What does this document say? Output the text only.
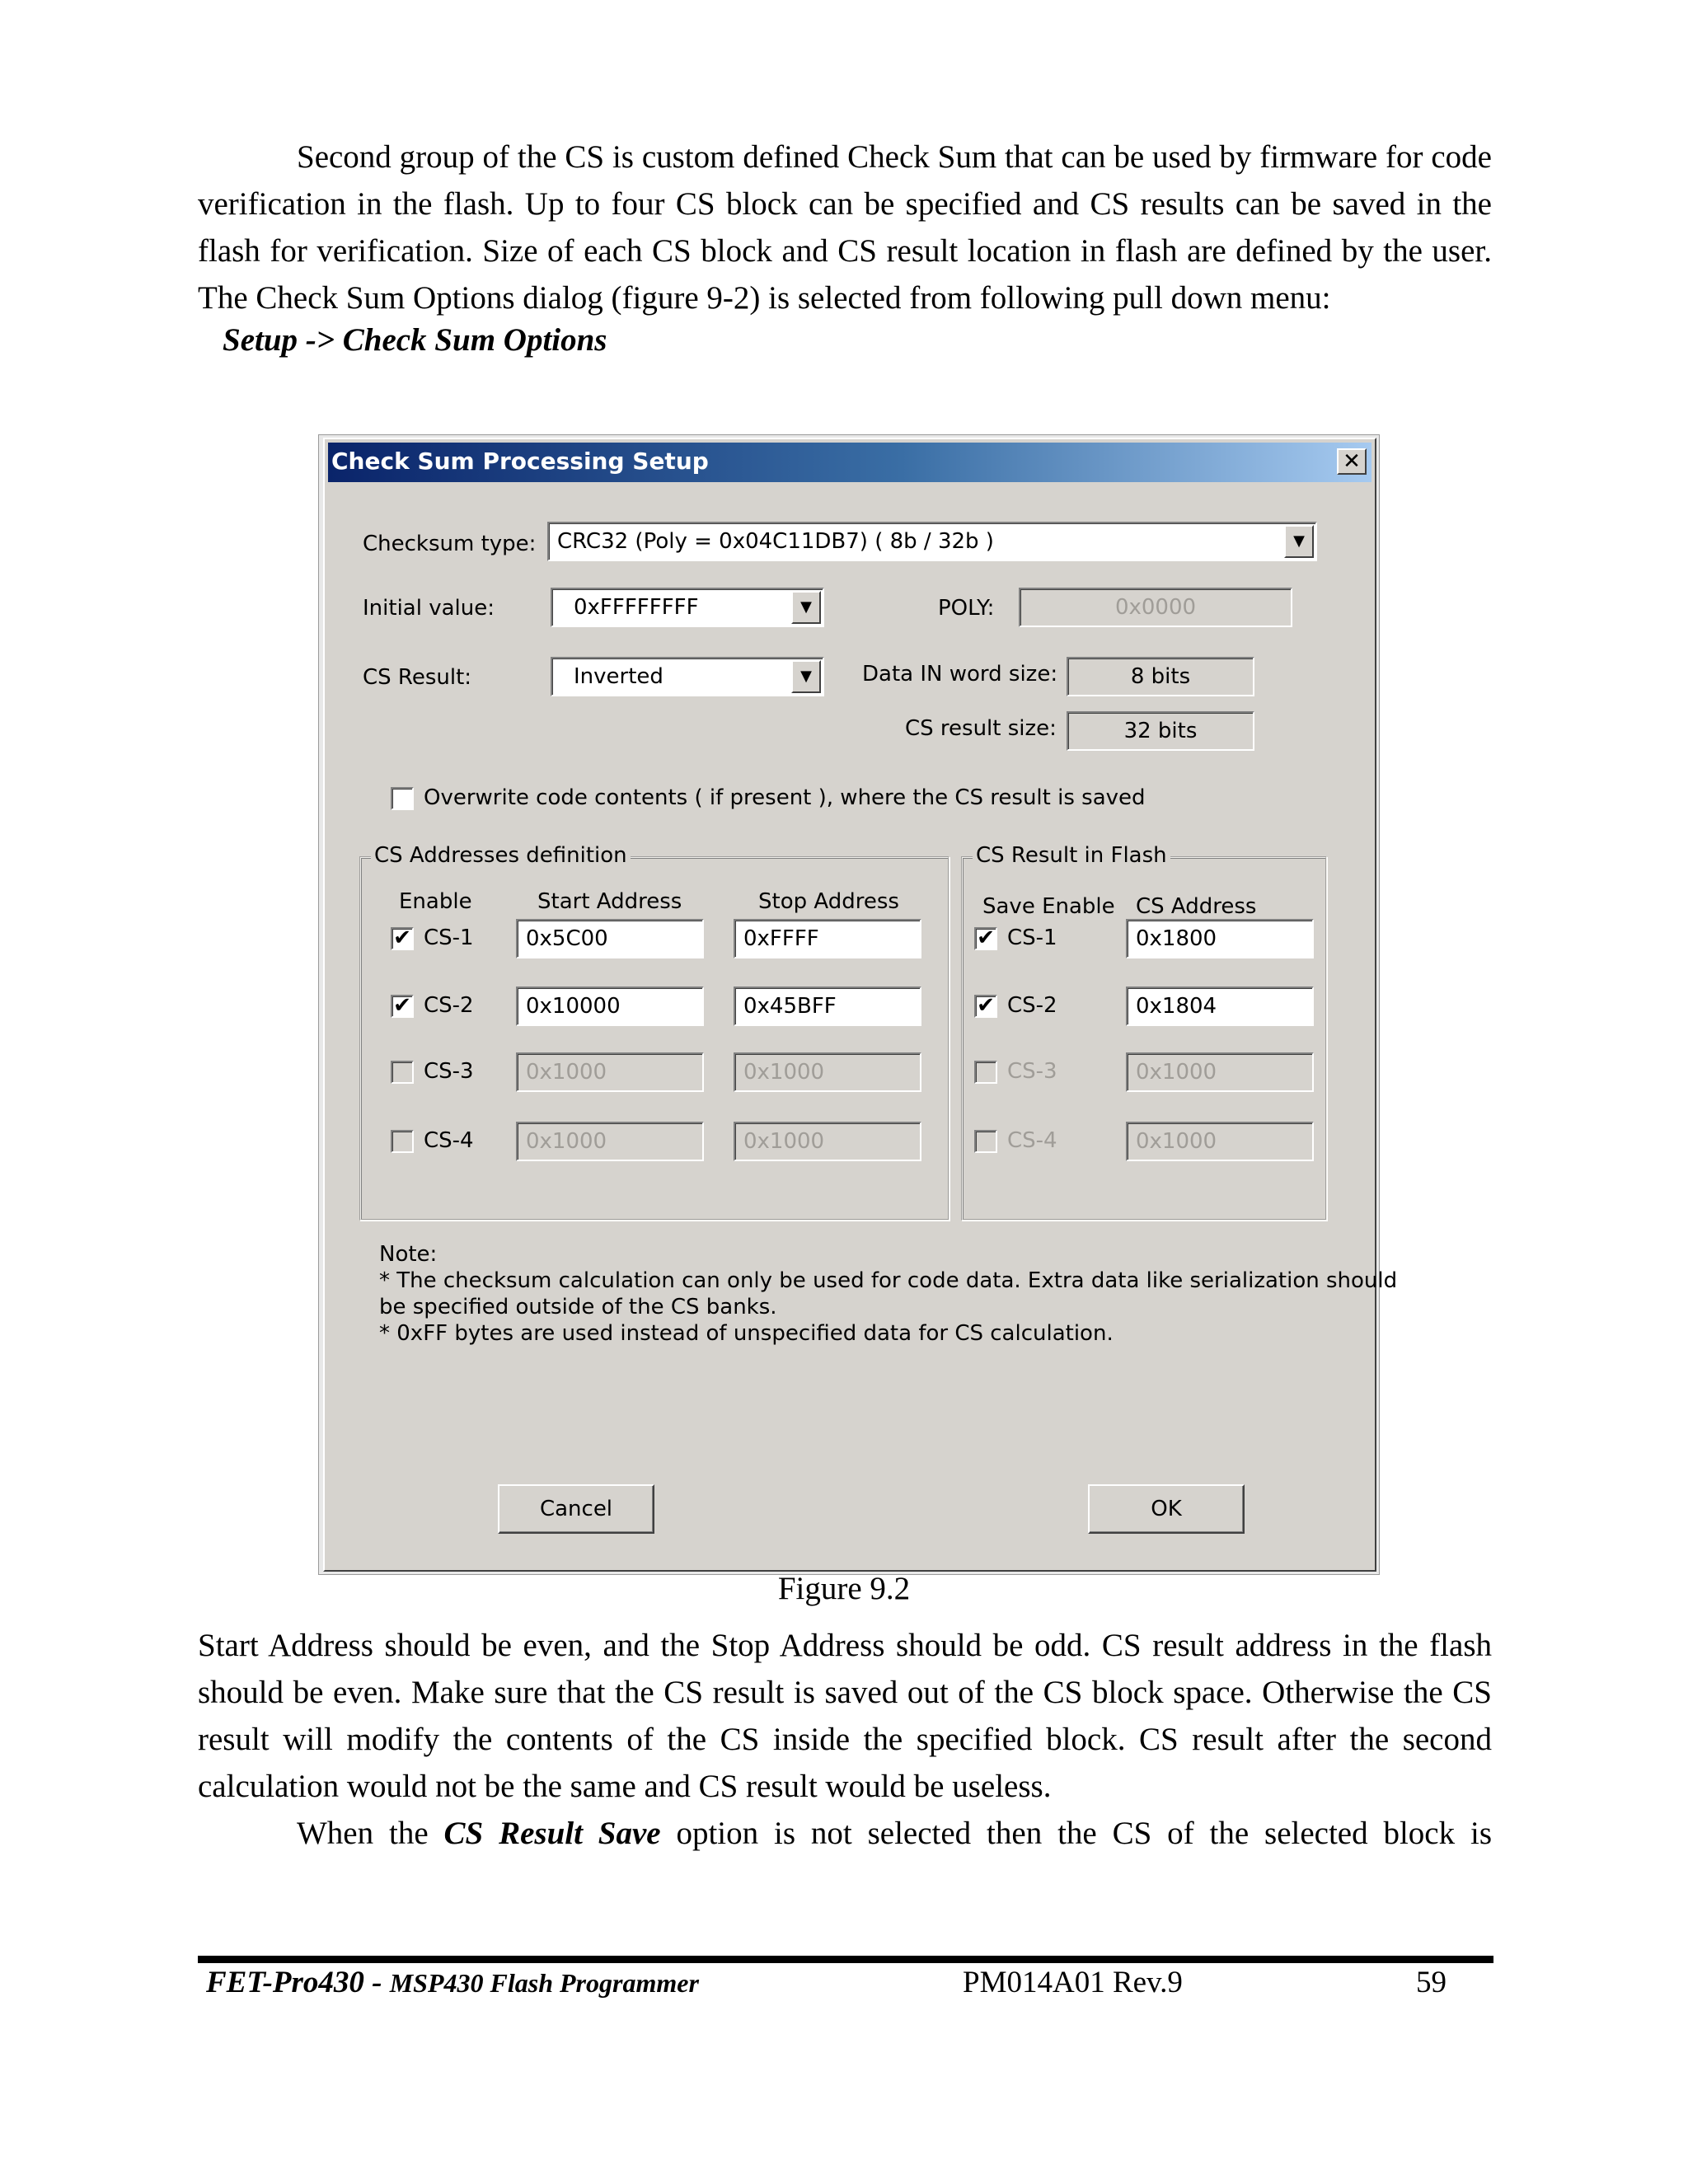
Second group of the CS is custom defined Check Sum that can be used by firmware for code verification in the flash. Up to four CS block can be specified and CS results can be saved in the flash for verification. Size of each CS block and CS result location in flash are defined by the user. The Check Sum Options dialog (figure 9-2) is selected from following pull down menu:

Setup -> Check Sum Options
Check Sum Processing Setup	✕
Checksum type: CRC32 (Poly = 0x04C11DB7) ( 8b / 32b )	▼
Initial value:	0xFFFFFFFF	▼	POLY:	0x0000
CS Result:	Inverted	▼	Data IN word size:	8 bits
CS result size:	32 bits
Overwrite code contents ( if present ), where the CS result is saved
CS Addresses definition
Enable	Start Address	Stop Address
✔ CS-1	0x5C00	0xFFFF
✔ CS-2	0x10000	0x45BFF
CS-3	0x1000	0x1000
CS-4	0x1000	0x1000
CS Result in Flash
Save Enable CS Address
✔ CS-1	0x1800
✔ CS-2	0x1804
CS-3	0x1000
CS-4	0x1000
Note:
* The checksum calculation can only be used for code data. Extra data like serialization should
be specified outside of the CS banks.
* 0xFF bytes are used instead of unspecified data for CS calculation.
Cancel	OK
Figure 9.2

Start Address should be even, and the Stop Address should be odd. CS result address in the flash should be even. Make sure that the CS result is saved out of the CS block space. Otherwise the CS result will modify the contents of the CS inside the specified block. CS result after the second calculation would not be the same and CS result would be useless.

When the CS Result Save option is not selected then the CS of the selected block is

FET-Pro430 - MSP430 Flash Programmer	PM014A01 Rev.9	59
